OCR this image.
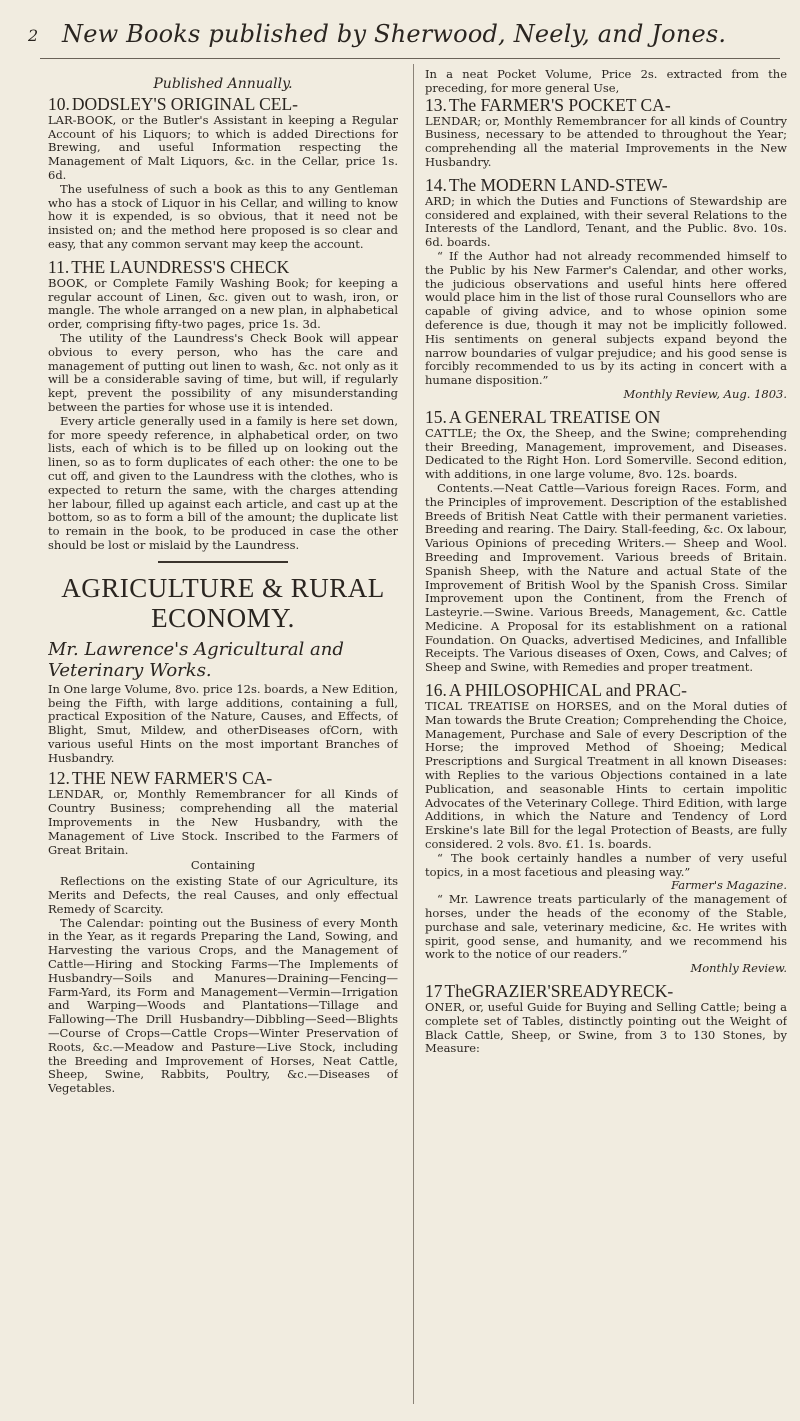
2 New Books published by Sherwood, Neely, and Jones.

Published Annually.

10. DODSLEY'S ORIGINAL CEL-

LAR-BOOK, or the Butler's Assistant in keeping a Regular Account of his Liquors; to which is added Directions for Brewing, and useful Information respecting the Management of Malt Liquors, &c. in the Cellar, price 1s. 6d.

The usefulness of such a book as this to any Gentleman who has a stock of Liquor in his Cellar, and willing to know how it is expended, is so obvious, that it need not be insisted on; and the method here proposed is so clear and easy, that any common servant may keep the account.

11. THE LAUNDRESS'S CHECK

BOOK, or Complete Family Washing Book; for keeping a regular account of Linen, &c. given out to wash, iron, or mangle. The whole arranged on a new plan, in alphabetical order, comprising fifty-two pages, price 1s. 3d.

The utility of the Laundress's Check Book will appear obvious to every person, who has the care and management of putting out linen to wash, &c. not only as it will be a considerable saving of time, but will, if regularly kept, prevent the possibility of any misunderstanding between the parties for whose use it is intended.

Every article generally used in a family is here set down, for more speedy reference, in alphabetical order, on two lists, each of which is to be filled up on looking out the linen, so as to form duplicates of each other: the one to be cut off, and given to the Laundress with the clothes, who is expected to return the same, with the charges attending her labour, filled up against each article, and cast up at the bottom, so as to form a bill of the amount; the duplicate list to remain in the book, to be produced in case the other should be lost or mislaid by the Laundress.

AGRICULTURE & RURAL ECONOMY.

Mr. Lawrence's Agricultural and Veterinary Works.

In One large Volume, 8vo. price 12s. boards, a New Edition, being the Fifth, with large additions, containing a full, practical Exposition of the Nature, Causes, and Effects, of Blight, Smut, Mildew, and otherDiseases ofCorn, with various useful Hints on the most important Branches of Husbandry.

12. THE NEW FARMER'S CA-

LENDAR, or, Monthly Remembrancer for all Kinds of Country Business; comprehending all the material Improvements in the New Husbandry, with the Management of Live Stock. Inscribed to the Farmers of Great Britain.

Containing

Reflections on the existing State of our Agriculture, its Merits and Defects, the real Causes, and only effectual Remedy of Scarcity.

The Calendar: pointing out the Business of every Month in the Year, as it regards Preparing the Land, Sowing, and Harvesting the various Crops, and the Management of Cattle—Hiring and Stocking Farms—The Implements of Husbandry—Soils and Manures—Draining—Fencing—Farm-Yard, its Form and Management—Vermin—Irrigation and Warping—Woods and Plantations—Tillage and Fallowing—The Drill Husbandry—Dibbling—Seed—Blights—Course of Crops—Cattle Crops—Winter Preservation of Roots, &c.—Meadow and Pasture—Live Stock, including the Breeding and Improvement of Horses, Neat Cattle, Sheep, Swine, Rabbits, Poultry, &c.—Diseases of Vegetables.

In a neat Pocket Volume, Price 2s. extracted from the preceding, for more general Use,

13. The FARMER'S POCKET CA-

LENDAR; or, Monthly Remembrancer for all kinds of Country Business, necessary to be attended to throughout the Year; comprehending all the material Improvements in the New Husbandry.

14. The MODERN LAND-STEW-

ARD; in which the Duties and Functions of Stewardship are considered and explained, with their several Relations to the Interests of the Landlord, Tenant, and the Public. 8vo. 10s. 6d. boards.

“ If the Author had not already recommended himself to the Public by his New Farmer's Calendar, and other works, the judicious observations and useful hints here offered would place him in the list of those rural Counsellors who are capable of giving advice, and to whose opinion some deference is due, though it may not be implicitly followed. His sentiments on general subjects expand beyond the narrow boundaries of vulgar prejudice; and his good sense is forcibly recommended to us by its acting in concert with a humane disposition.”

Monthly Review, Aug. 1803.

15. A GENERAL TREATISE ON

CATTLE; the Ox, the Sheep, and the Swine; comprehending their Breeding, Management, improvement, and Diseases. Dedicated to the Right Hon. Lord Somerville. Second edition, with additions, in one large volume, 8vo. 12s. boards.

Contents.—Neat Cattle—Various foreign Races. Form, and the Principles of improvement. Description of the established Breeds of British Neat Cattle with their permanent varieties. Breeding and rearing. The Dairy. Stall-feeding, &c. Ox labour, Various Opinions of preceding Writers.— Sheep and Wool. Breeding and Improvement. Various breeds of Britain. Spanish Sheep, with the Nature and actual State of the Improvement of British Wool by the Spanish Cross. Similar Improvement upon the Continent, from the French of Lasteyrie.—Swine. Various Breeds, Management, &c. Cattle Medicine. A Proposal for its establishment on a rational Foundation. On Quacks, advertised Medicines, and Infallible Receipts. The Various diseases of Oxen, Cows, and Calves; of Sheep and Swine, with Remedies and proper treatment.

16. A PHILOSOPHICAL and PRAC-

TICAL TREATISE on HORSES, and on the Moral duties of Man towards the Brute Creation; Comprehending the Choice, Management, Purchase and Sale of every Description of the Horse; the improved Method of Shoeing; Medical Prescriptions and Surgical Treatment in all known Diseases: with Replies to the various Objections contained in a late Publication, and seasonable Hints to certain impolitic Advocates of the Veterinary College. Third Edition, with large Additions, in which the Nature and Tendency of Lord Erskine's late Bill for the legal Protection of Beasts, are fully considered. 2 vols. 8vo. £1. 1s. boards.

“ The book certainly handles a number of very useful topics, in a most facetious and pleasing way.”

Farmer's Magazine.

“ Mr. Lawrence treats particularly of the management of horses, under the heads of the economy of the Stable, purchase and sale, veterinary medicine, &c. He writes with spirit, good sense, and humanity, and we recommend his work to the notice of our readers.”

Monthly Review.

17 TheGRAZIER'SREADYRECK-

ONER, or, useful Guide for Buying and Selling Cattle; being a complete set of Tables, distinctly pointing out the Weight of Black Cattle, Sheep, or Swine, from 3 to 130 Stones, by Measure:
